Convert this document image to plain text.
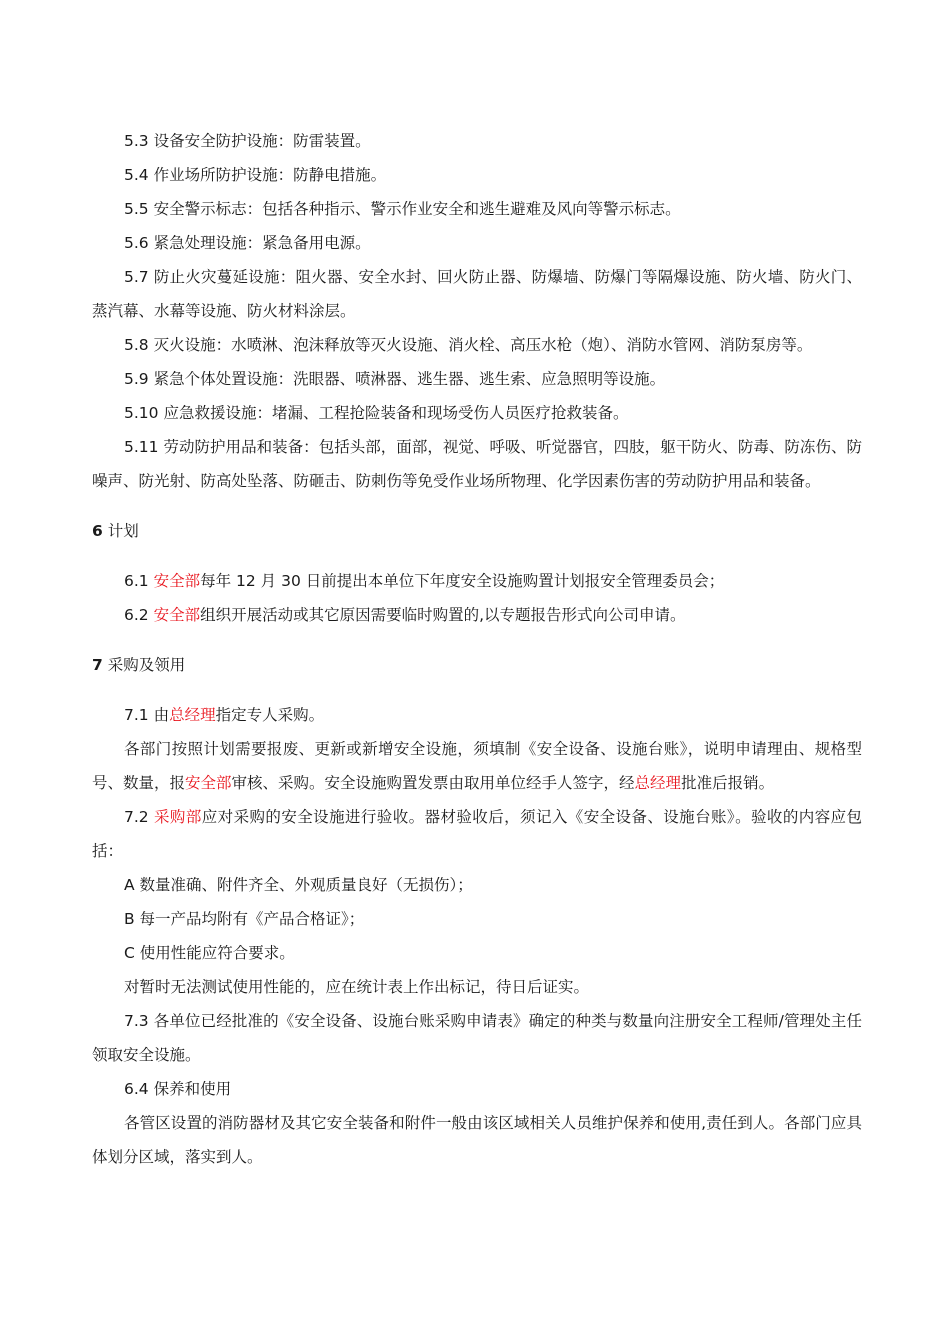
5.3 设备安全防护设施：防雷装置。

5.4 作业场所防护设施：防静电措施。

5.5 安全警示标志：包括各种指示、警示作业安全和逃生避难及风向等警示标志。

5.6 紧急处理设施：紧急备用电源。

5.7 防止火灾蔓延设施：阻火器、安全水封、回火防止器、防爆墙、防爆门等隔爆设施、防火墙、防火门、蒸汽幕、水幕等设施、防火材料涂层。

5.8 灭火设施：水喷淋、泡沫释放等灭火设施、消火栓、高压水枪（炮）、消防水管网、消防泵房等。

5.9 紧急个体处置设施：洗眼器、喷淋器、逃生器、逃生索、应急照明等设施。

5.10 应急救援设施：堵漏、工程抢险装备和现场受伤人员医疗抢救装备。

5.11 劳动防护用品和装备：包括头部，面部，视觉、呼吸、听觉器官，四肢，躯干防火、防毒、防冻伤、防噪声、防光射、防高处坠落、防砸击、防刺伤等免受作业场所物理、化学因素伤害的劳动防护用品和装备。

6 计划

6.1 安全部每年 12 月 30 日前提出本单位下年度安全设施购置计划报安全管理委员会；

6.2 安全部组织开展活动或其它原因需要临时购置的,以专题报告形式向公司申请。

7 采购及领用

7.1 由总经理指定专人采购。

各部门按照计划需要报废、更新或新增安全设施，须填制《安全设备、设施台账》，说明申请理由、规格型号、数量，报安全部审核、采购。安全设施购置发票由取用单位经手人签字，经总经理批准后报销。

7.2 采购部应对采购的安全设施进行验收。器材验收后，须记入《安全设备、设施台账》。验收的内容应包括：

A 数量准确、附件齐全、外观质量良好（无损伤）；

B 每一产品均附有《产品合格证》；

C 使用性能应符合要求。

对暂时无法测试使用性能的，应在统计表上作出标记，待日后证实。

7.3 各单位已经批准的《安全设备、设施台账采购申请表》确定的种类与数量向注册安全工程师/管理处主任领取安全设施。

6.4 保养和使用

各管区设置的消防器材及其它安全装备和附件一般由该区域相关人员维护保养和使用,责任到人。各部门应具体划分区域，落实到人。
